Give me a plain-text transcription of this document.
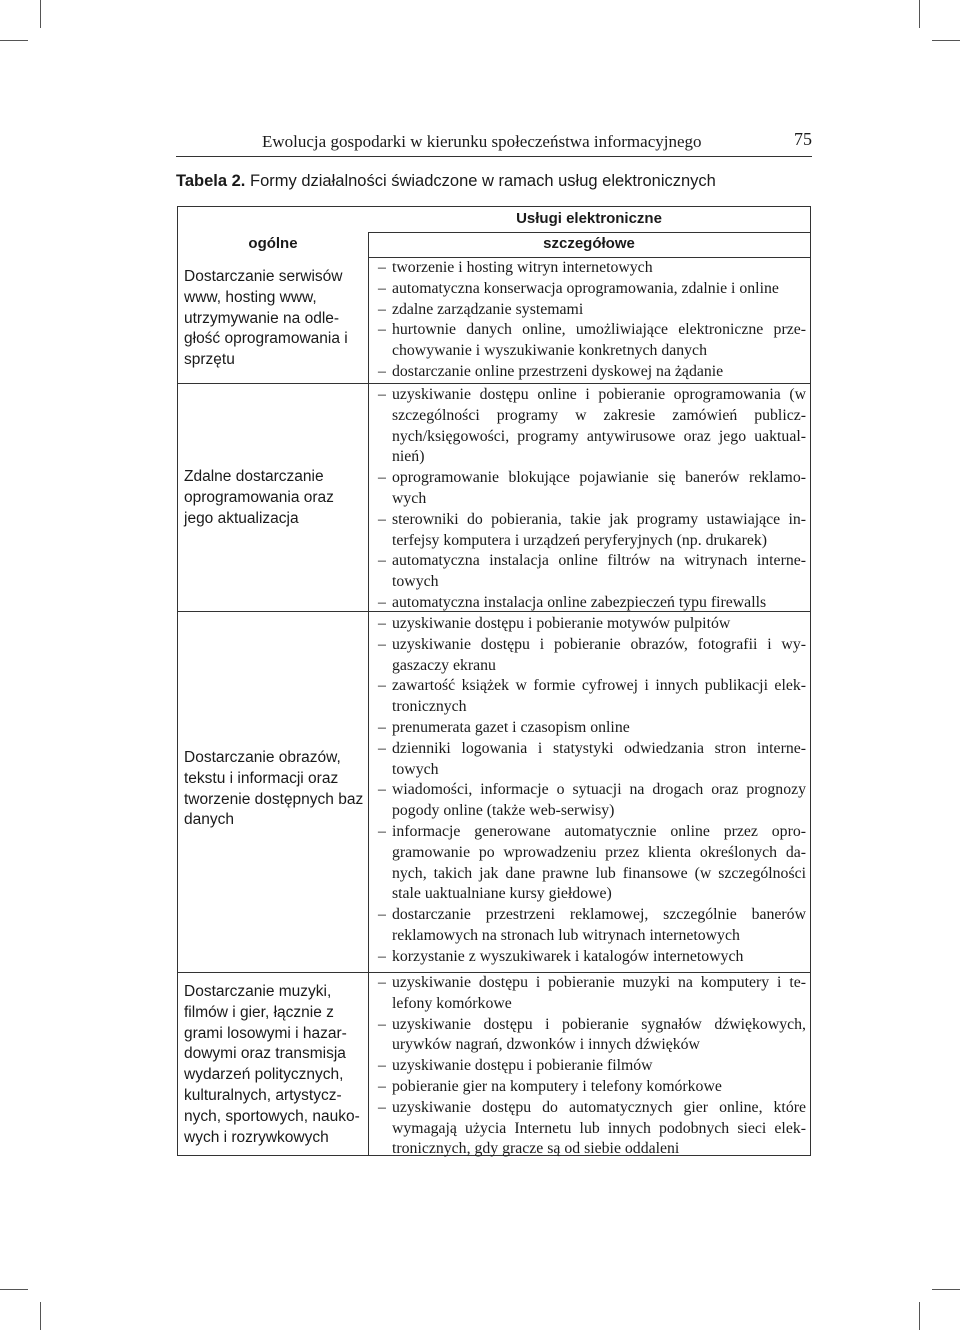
Ewolucja gospodarki w kierunku społeczeństwa informacyjnego	75
Tabela 2. Formy działalności świadczone w ramach usług elektronicznych
Usługi elektroniczne
ogólne	szczegółowe
Dostarczanie serwisów www, hosting www, utrzymywanie na odle-głość oprogramowania i sprzętu
– tworzenie i hosting witryn internetowych
– automatyczna konserwacja oprogramowania, zdalnie i online
– zdalne zarządzanie systemami
– hurtownie danych online, umożliwiające elektroniczne prze-chowywanie i wyszukiwanie konkretnych danych
– dostarczanie online przestrzeni dyskowej na żądanie
Zdalne dostarczanie oprogramowania oraz jego aktualizacja
– uzyskiwanie dostępu online i pobieranie oprogramowania (w szczególności programy w zakresie zamówień publicz-nych/księgowości, programy antywirusowe oraz jego uaktual-nień)
– oprogramowanie blokujące pojawianie się banerów reklamo-wych
– sterowniki do pobierania, takie jak programy ustawiające in-terfejsy komputera i urządzeń peryferyjnych (np. drukarek)
– automatyczna instalacja online filtrów na witrynach interne-towych
– automatyczna instalacja online zabezpieczeń typu firewalls
Dostarczanie obrazów, tekstu i informacji oraz tworzenie dostępnych baz danych
– uzyskiwanie dostępu i pobieranie motywów pulpitów
– uzyskiwanie dostępu i pobieranie obrazów, fotografii i wy-gaszaczy ekranu
– zawartość książek w formie cyfrowej i innych publikacji elek-tronicznych
– prenumerata gazet i czasopism online
– dzienniki logowania i statystyki odwiedzania stron interne-towych
– wiadomości, informacje o sytuacji na drogach oraz prognozy pogody online (także web-serwisy)
– informacje generowane automatycznie online przez opro-gramowanie po wprowadzeniu przez klienta określonych da-nych, takich jak dane prawne lub finansowe (w szczególności stale uaktualniane kursy giełdowe)
– dostarczanie przestrzeni reklamowej, szczególnie banerów reklamowych na stronach lub witrynach internetowych
– korzystanie z wyszukiwarek i katalogów internetowych
Dostarczanie muzyki, filmów i gier, łącznie z grami losowymi i hazar-dowymi oraz transmisja wydarzeń politycznych, kulturalnych, artystycz-nych, sportowych, nauko-wych i rozrywkowych
– uzyskiwanie dostępu i pobieranie muzyki na komputery i te-lefony komórkowe
– uzyskiwanie dostępu i pobieranie sygnałów dźwiękowych, urywków nagrań, dzwonków i innych dźwięków
– uzyskiwanie dostępu i pobieranie filmów
– pobieranie gier na komputery i telefony komórkowe
– uzyskiwanie dostępu do automatycznych gier online, które wymagają użycia Internetu lub innych podobnych sieci elek-tronicznych, gdy gracze są od siebie oddaleni
